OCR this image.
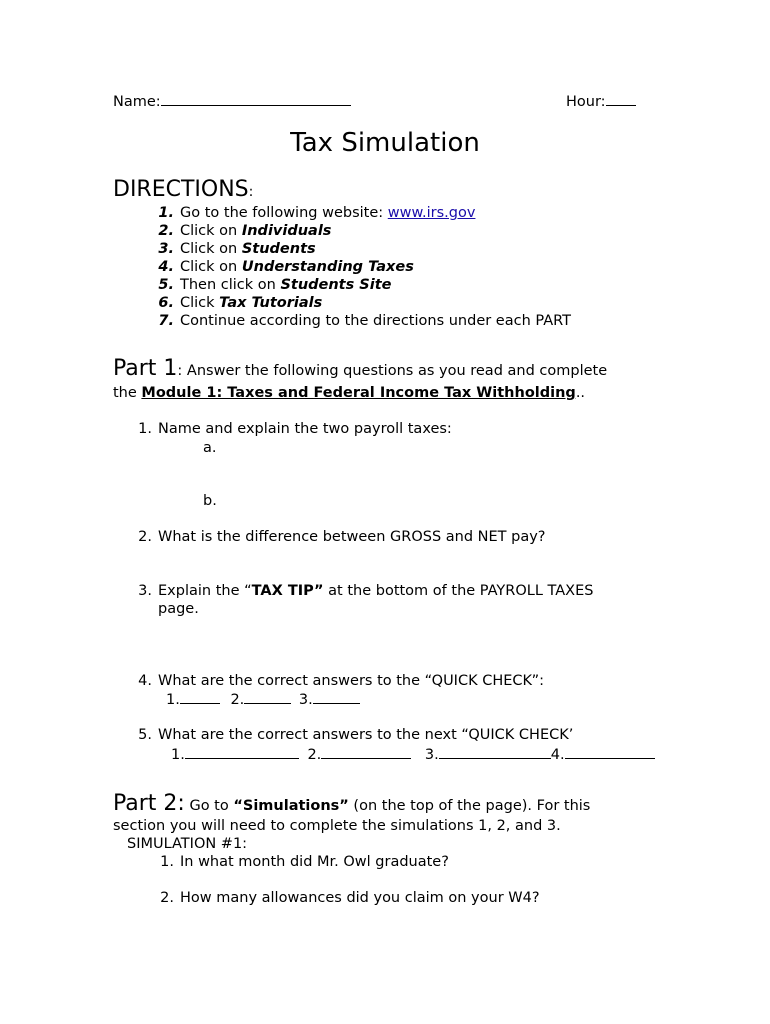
Name:	Hour:
Tax Simulation
DIRECTIONS:
1. Go to the following website: www.irs.gov
2. Click on Individuals
3. Click on Students
4. Click on Understanding Taxes
5. Then click on Students Site
6. Click Tax Tutorials
7. Continue according to the directions under each PART
Part 1: Answer the following questions as you read and complete
the Module 1: Taxes and Federal Income Tax Withholding..
1. Name and explain the two payroll taxes:
a.
b.
2. What is the difference between GROSS and NET pay?
3. Explain the “TAX TIP” at the bottom of the PAYROLL TAXES
page.
4. What are the correct answers to the “QUICK CHECK”:
1.	2.	3.
5. What are the correct answers to the next “QUICK CHECK’
1.	2.	3.	4.
Part 2: Go to “Simulations” (on the top of the page). For this
section you will need to complete the simulations 1, 2, and 3.
SIMULATION #1:
1. In what month did Mr. Owl graduate?
2. How many allowances did you claim on your W4?
